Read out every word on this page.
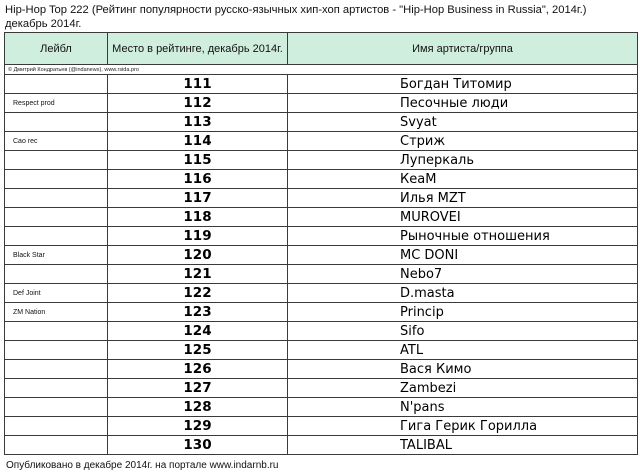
Hip-Hop Top 222 (Рейтинг популярности русско-язычных хип-хоп артистов - "Hip-Hop Business in Russia", 2014г.)
декабрь 2014г.
Лейбл	Место в рейтинге, декабрь 2014г.	Имя артиста/группа
© Дмитрий Кондратьев (@indanews), www.rsida.pro		
	111	Богдан Титомир
Respect prod	112	Песочные люди
	113	Svyat
Cao rec	114	Стриж
	115	Луперкаль
	116	КеаМ
	117	Илья MZT
	118	MUROVEI
	119	Рыночные отношения
Black Star	120	MC DONI
	121	Nebo7
Def Joint	122	D.masta
ZM Nation	123	Princip
	124	Sifo
	125	ATL
	126	Вася Кимо
	127	Zambezi
	128	N'pans
	129	Гига Герик Горилла
	130	TALIBAL
Опубликовано в декабре 2014г. на портале www.indarnb.ru
